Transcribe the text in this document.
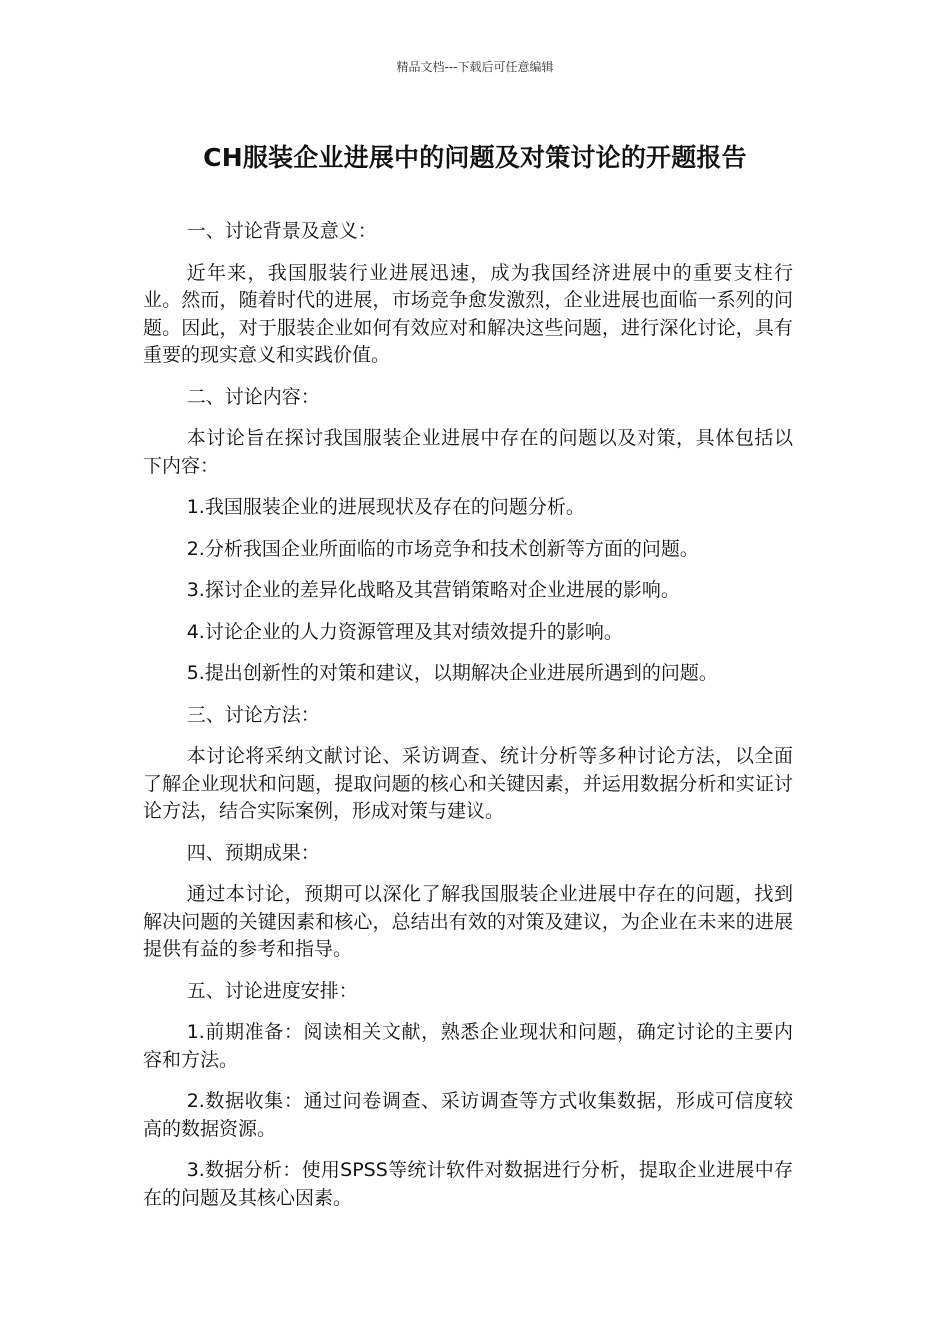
精品文档---下载后可任意编辑
CH服装企业进展中的问题及对策讨论的开题报告

一、讨论背景及意义：

近年来，我国服装行业进展迅速，成为我国经济进展中的重要支柱行业。然而，随着时代的进展，市场竞争愈发激烈，企业进展也面临一系列的问题。因此，对于服装企业如何有效应对和解决这些问题，进行深化讨论，具有重要的现实意义和实践价值。

二、讨论内容：

本讨论旨在探讨我国服装企业进展中存在的问题以及对策，具体包括以下内容：

1.我国服装企业的进展现状及存在的问题分析。

2.分析我国企业所面临的市场竞争和技术创新等方面的问题。

3.探讨企业的差异化战略及其营销策略对企业进展的影响。

4.讨论企业的人力资源管理及其对绩效提升的影响。

5.提出创新性的对策和建议，以期解决企业进展所遇到的问题。

三、讨论方法：

本讨论将采纳文献讨论、采访调查、统计分析等多种讨论方法，以全面了解企业现状和问题，提取问题的核心和关键因素，并运用数据分析和实证讨论方法，结合实际案例，形成对策与建议。

四、预期成果：

通过本讨论，预期可以深化了解我国服装企业进展中存在的问题，找到解决问题的关键因素和核心，总结出有效的对策及建议，为企业在未来的进展提供有益的参考和指导。

五、讨论进度安排：

1.前期准备：阅读相关文献，熟悉企业现状和问题，确定讨论的主要内容和方法。

2.数据收集：通过问卷调查、采访调查等方式收集数据，形成可信度较高的数据资源。

3.数据分析：使用SPSS等统计软件对数据进行分析，提取企业进展中存在的问题及其核心因素。
